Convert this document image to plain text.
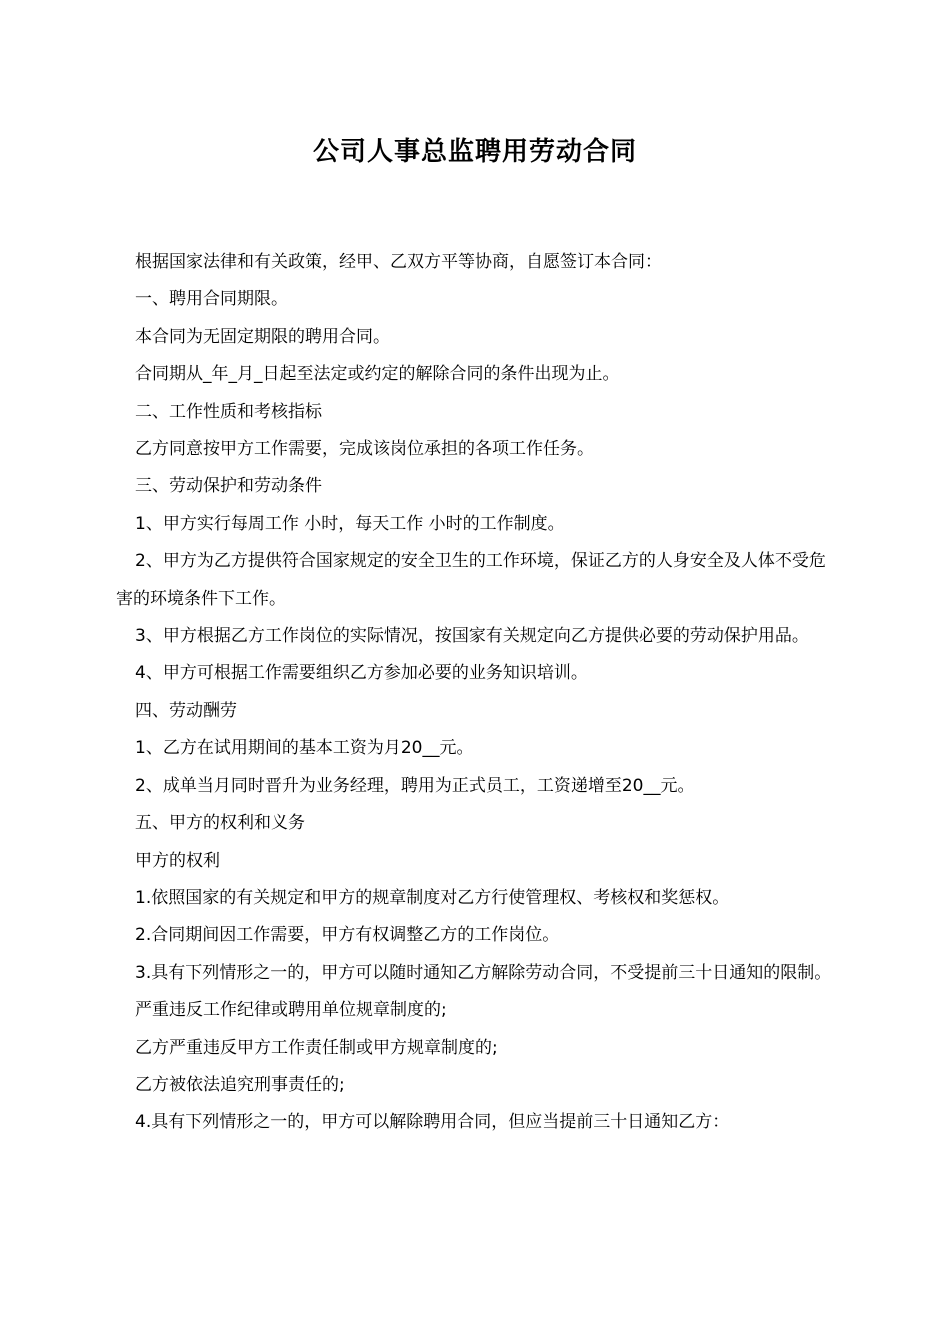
公司人事总监聘用劳动合同

根据国家法律和有关政策，经甲、乙双方平等协商，自愿签订本合同：

一、聘用合同期限。

本合同为无固定期限的聘用合同。

合同期从_年_月_日起至法定或约定的解除合同的条件出现为止。

二、工作性质和考核指标

乙方同意按甲方工作需要，完成该岗位承担的各项工作任务。

三、劳动保护和劳动条件

1、甲方实行每周工作 小时，每天工作 小时的工作制度。

2、甲方为乙方提供符合国家规定的安全卫生的工作环境，保证乙方的人身安全及人体不受危害的环境条件下工作。

3、甲方根据乙方工作岗位的实际情况，按国家有关规定向乙方提供必要的劳动保护用品。

4、甲方可根据工作需要组织乙方参加必要的业务知识培训。

四、劳动酬劳

1、乙方在试用期间的基本工资为月20__元。

2、成单当月同时晋升为业务经理，聘用为正式员工，工资递增至20__元。

五、甲方的权利和义务

甲方的权利

1.依照国家的有关规定和甲方的规章制度对乙方行使管理权、考核权和奖惩权。

2.合同期间因工作需要，甲方有权调整乙方的工作岗位。

3.具有下列情形之一的，甲方可以随时通知乙方解除劳动合同，不受提前三十日通知的限制。

严重违反工作纪律或聘用单位规章制度的;

乙方严重违反甲方工作责任制或甲方规章制度的;

乙方被依法追究刑事责任的;

4.具有下列情形之一的，甲方可以解除聘用合同，但应当提前三十日通知乙方：
